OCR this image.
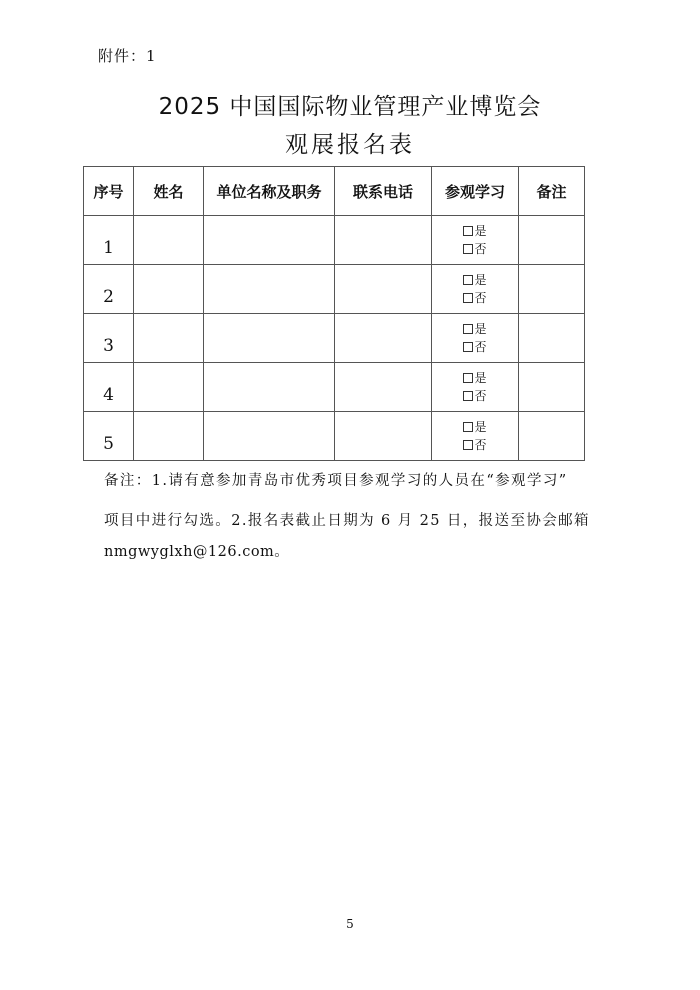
附件：1
2025 中国国际物业管理产业博览会
观展报名表
序号	姓名	单位名称及职务	联系电话	参观学习	备注
1				是
否	

2				是
否	

3				是
否	

4				是
否	

5				是
否	

备注：1.请有意参加青岛市优秀项目参观学习的人员在“参观学习”
项目中进行勾选。2.报名表截止日期为 6 月 25 日，报送至协会邮箱
nmgwyglxh@126.com。
5
